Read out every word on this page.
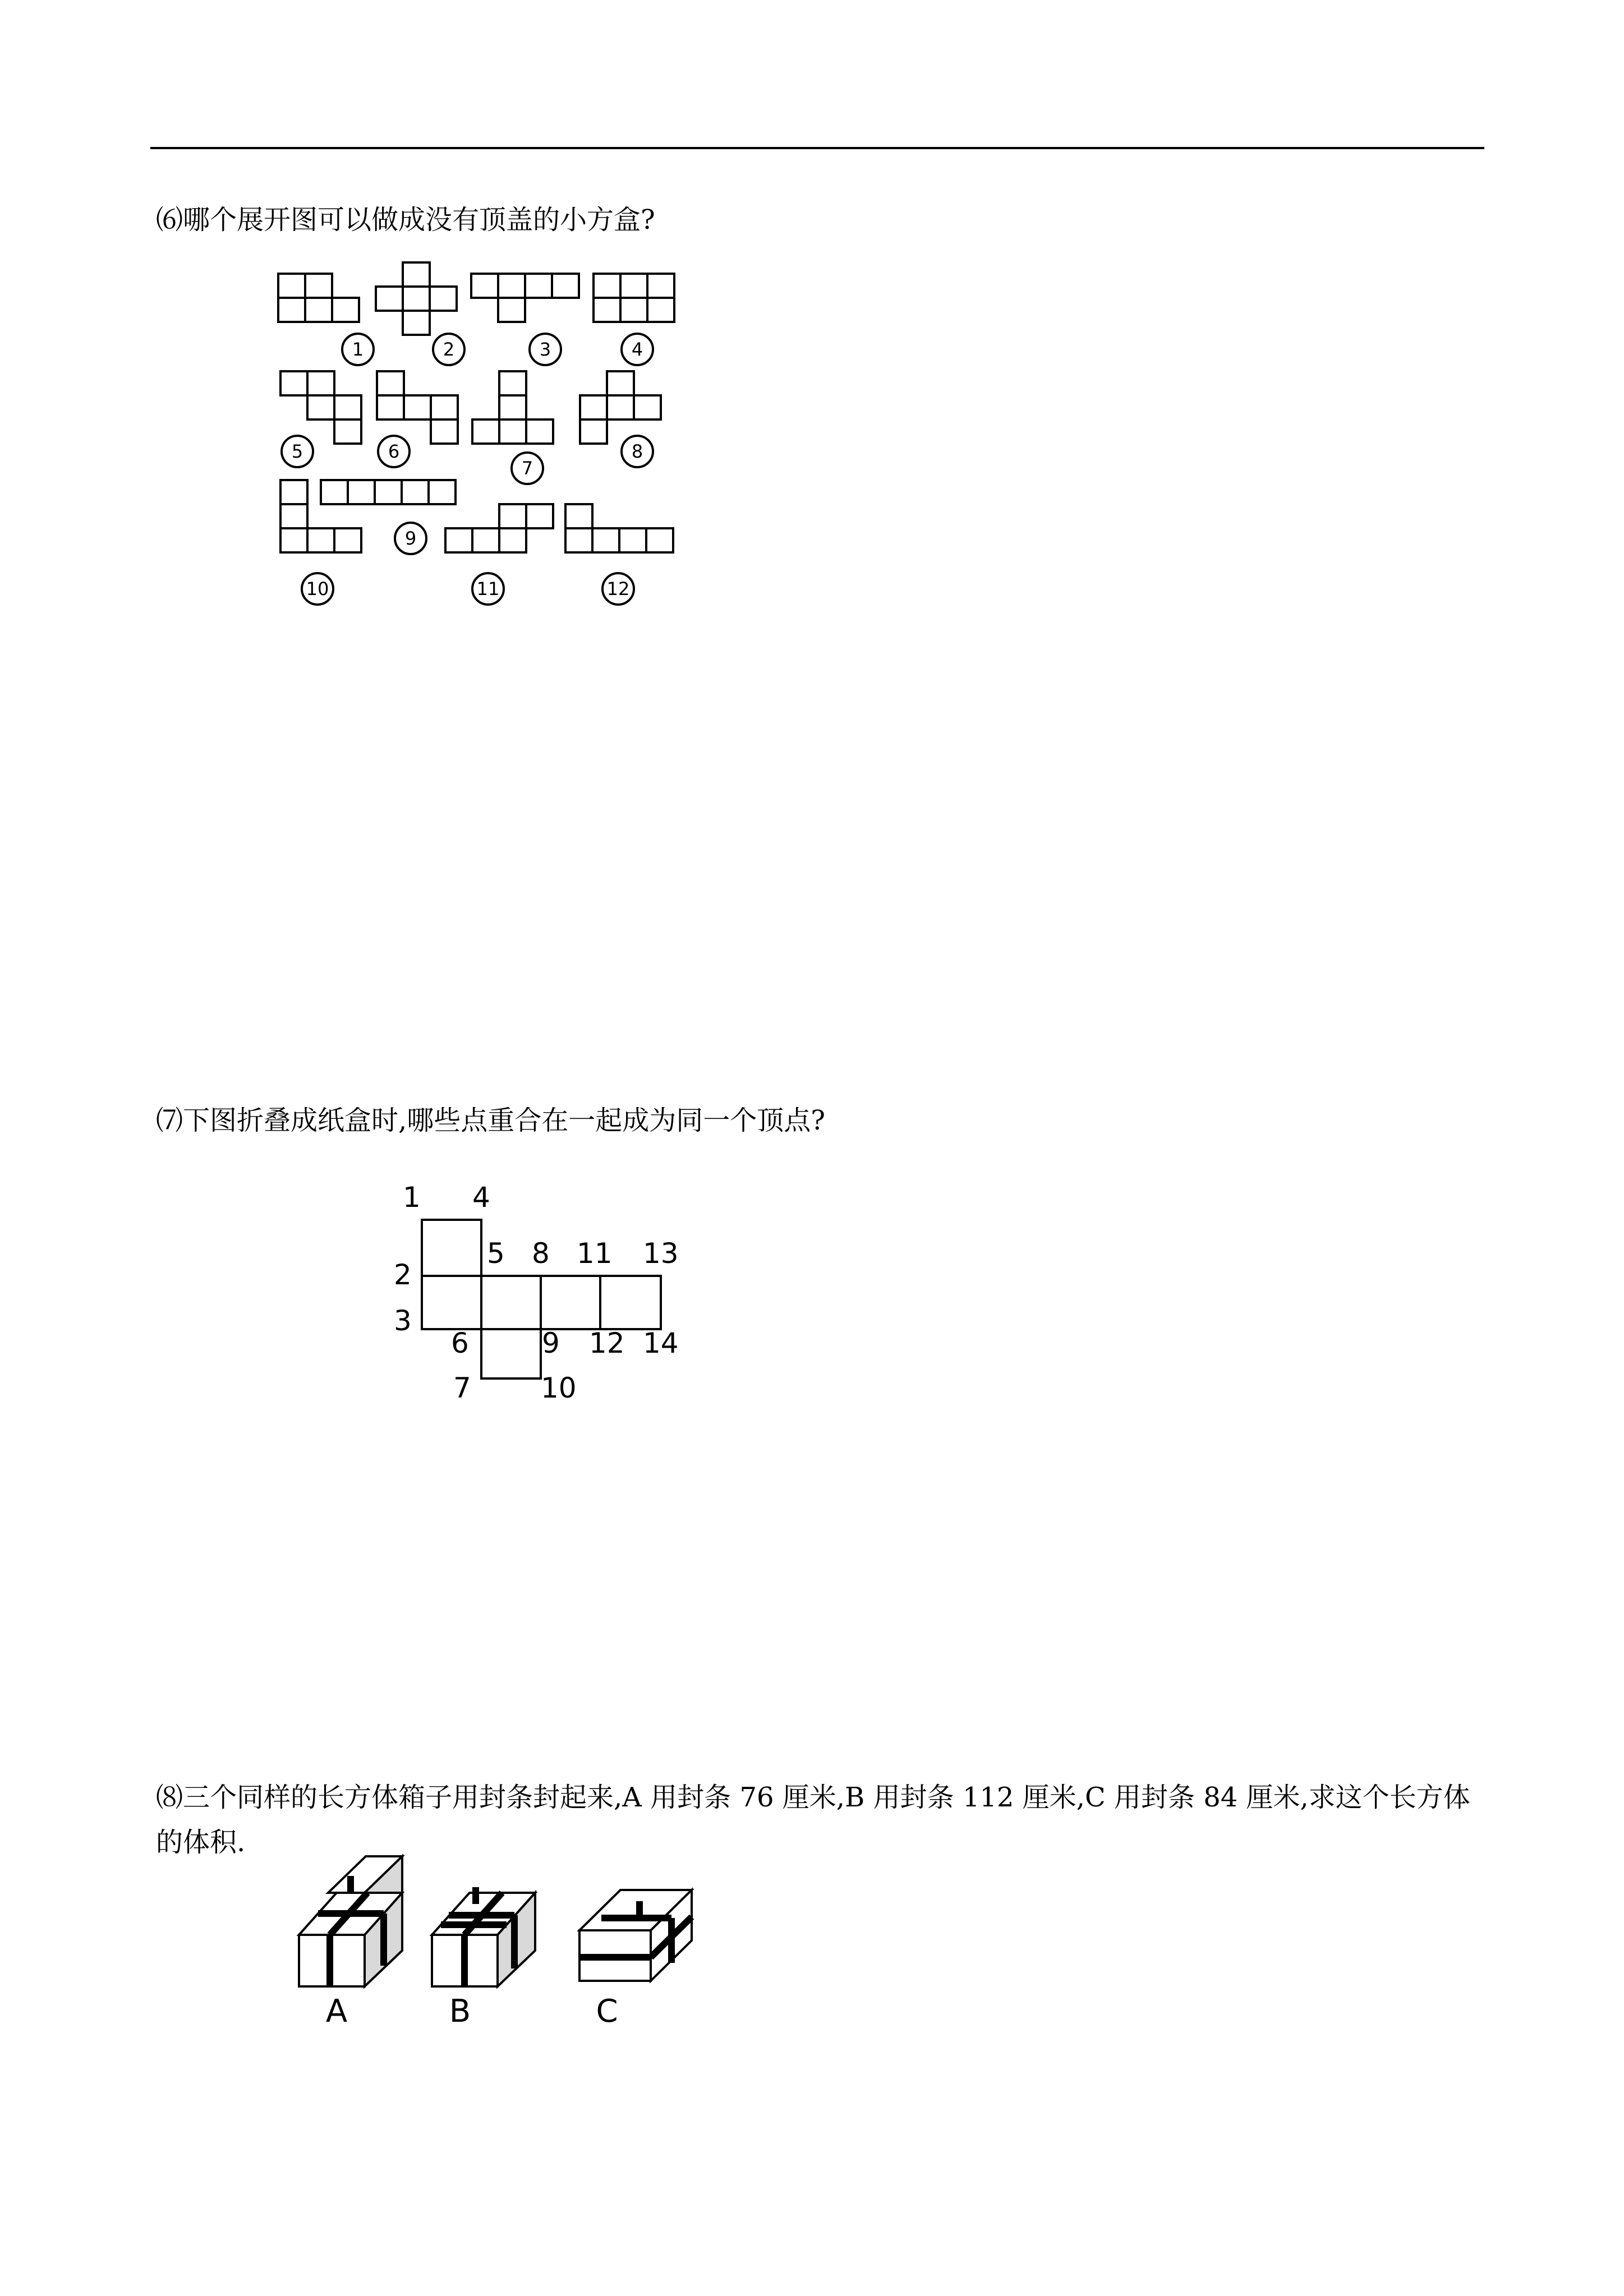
⑹哪个展开图可以做成没有顶盖的小方盒?

⑺下图折叠成纸盒时,哪些点重合在一起成为同一个顶点?

⑻三个同样的长方体箱子用封条封起来,A 用封条 76 厘米,B 用封条 112 厘米,C 用封条 84 厘米,求这个长方体的体积.

1	2	3	4
5	6
7
8
9
10	11	12
1 4
2
3
5 8 11 13
6	9 12 14
7 10
A	B	C
